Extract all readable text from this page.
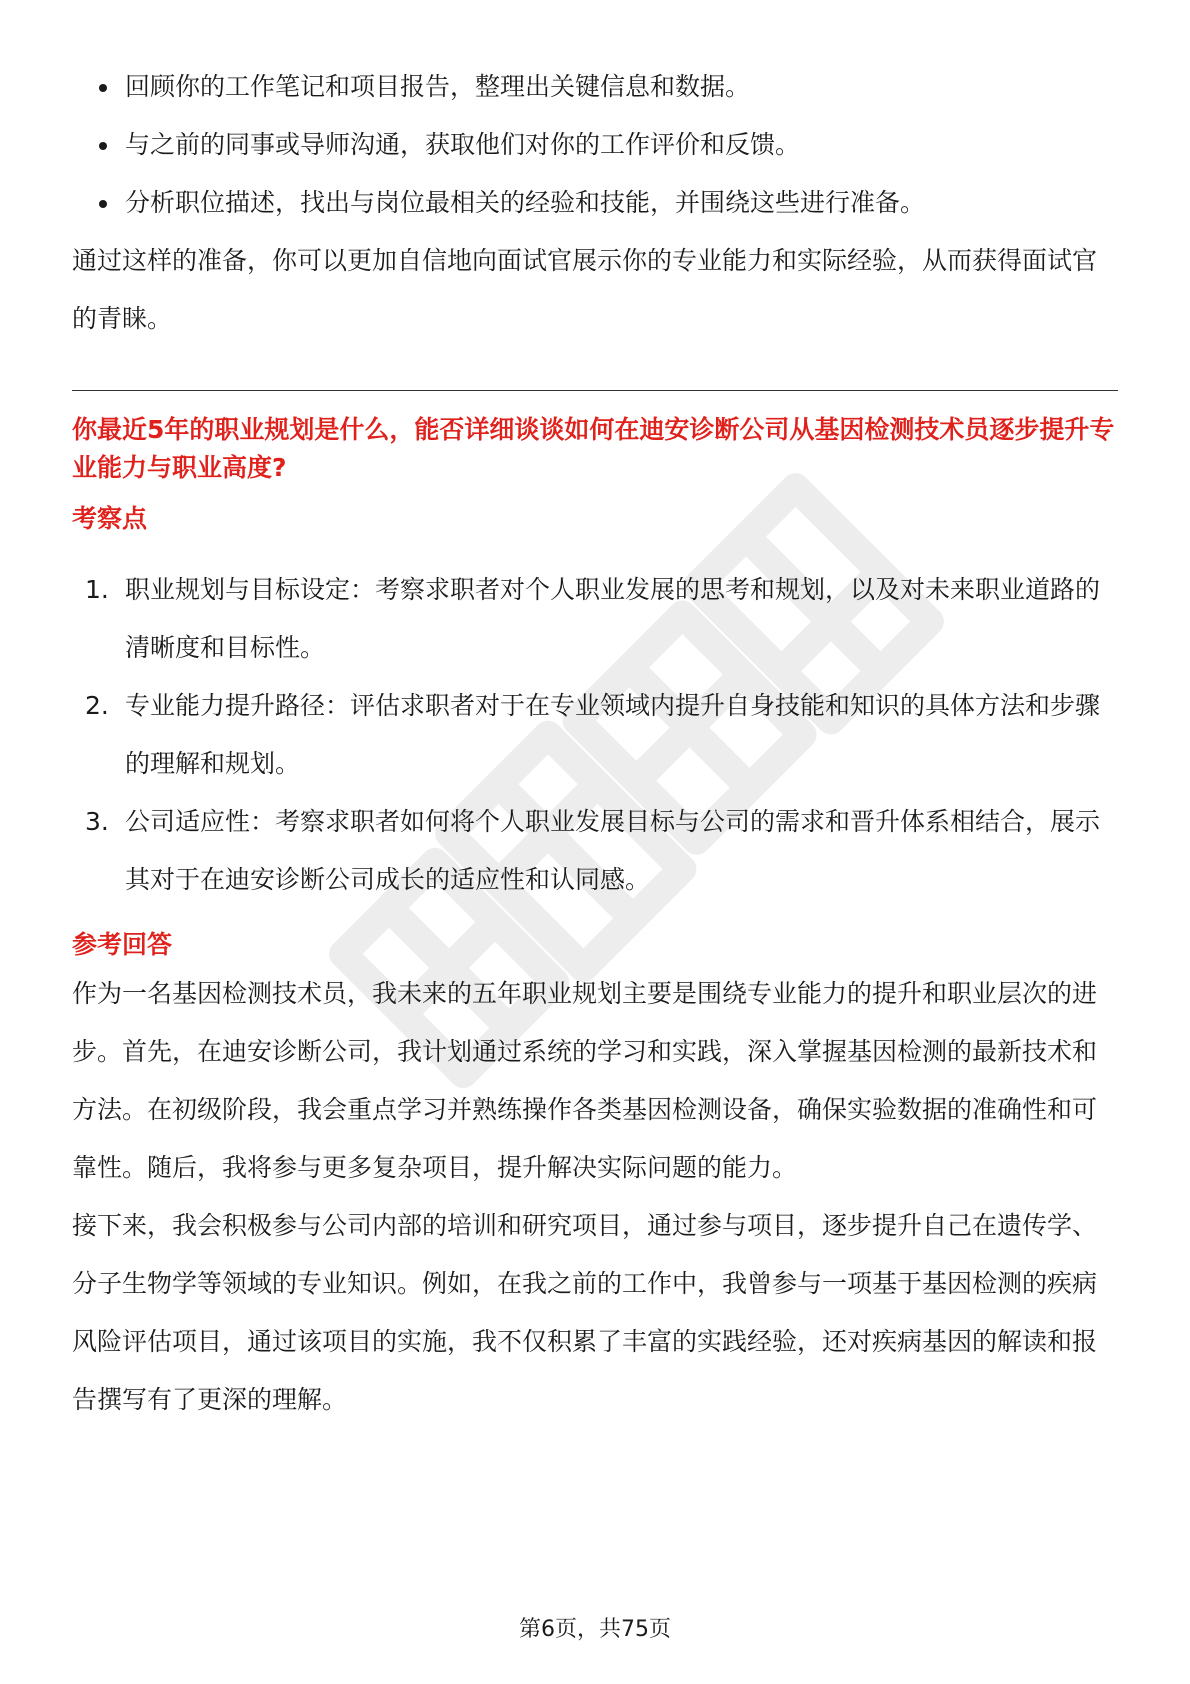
回顾你的工作笔记和项目报告，整理出关键信息和数据。
与之前的同事或导师沟通，获取他们对你的工作评价和反馈。
分析职位描述，找出与岗位最相关的经验和技能，并围绕这些进行准备。

通过这样的准备，你可以更加自信地向面试官展示你的专业能力和实际经验，从而获得面试官的青睐。

你最近5年的职业规划是什么，能否详细谈谈如何在迪安诊断公司从基因检测技术员逐步提升专业能力与职业高度?

考察点

1. 职业规划与目标设定：考察求职者对个人职业发展的思考和规划，以及对未来职业道路的清晰度和目标性。
2. 专业能力提升路径：评估求职者对于在专业领域内提升自身技能和知识的具体方法和步骤的理解和规划。
3. 公司适应性：考察求职者如何将个人职业发展目标与公司的需求和晋升体系相结合，展示其对于在迪安诊断公司成长的适应性和认同感。

参考回答

作为一名基因检测技术员，我未来的五年职业规划主要是围绕专业能力的提升和职业层次的进步。首先，在迪安诊断公司，我计划通过系统的学习和实践，深入掌握基因检测的最新技术和方法。在初级阶段，我会重点学习并熟练操作各类基因检测设备，确保实验数据的准确性和可靠性。随后，我将参与更多复杂项目，提升解决实际问题的能力。

接下来，我会积极参与公司内部的培训和研究项目，通过参与项目，逐步提升自己在遗传学、分子生物学等领域的专业知识。例如，在我之前的工作中，我曾参与一项基于基因检测的疾病风险评估项目，通过该项目的实施，我不仅积累了丰富的实践经验，还对疾病基因的解读和报告撰写有了更深的理解。

第6页，共75页
